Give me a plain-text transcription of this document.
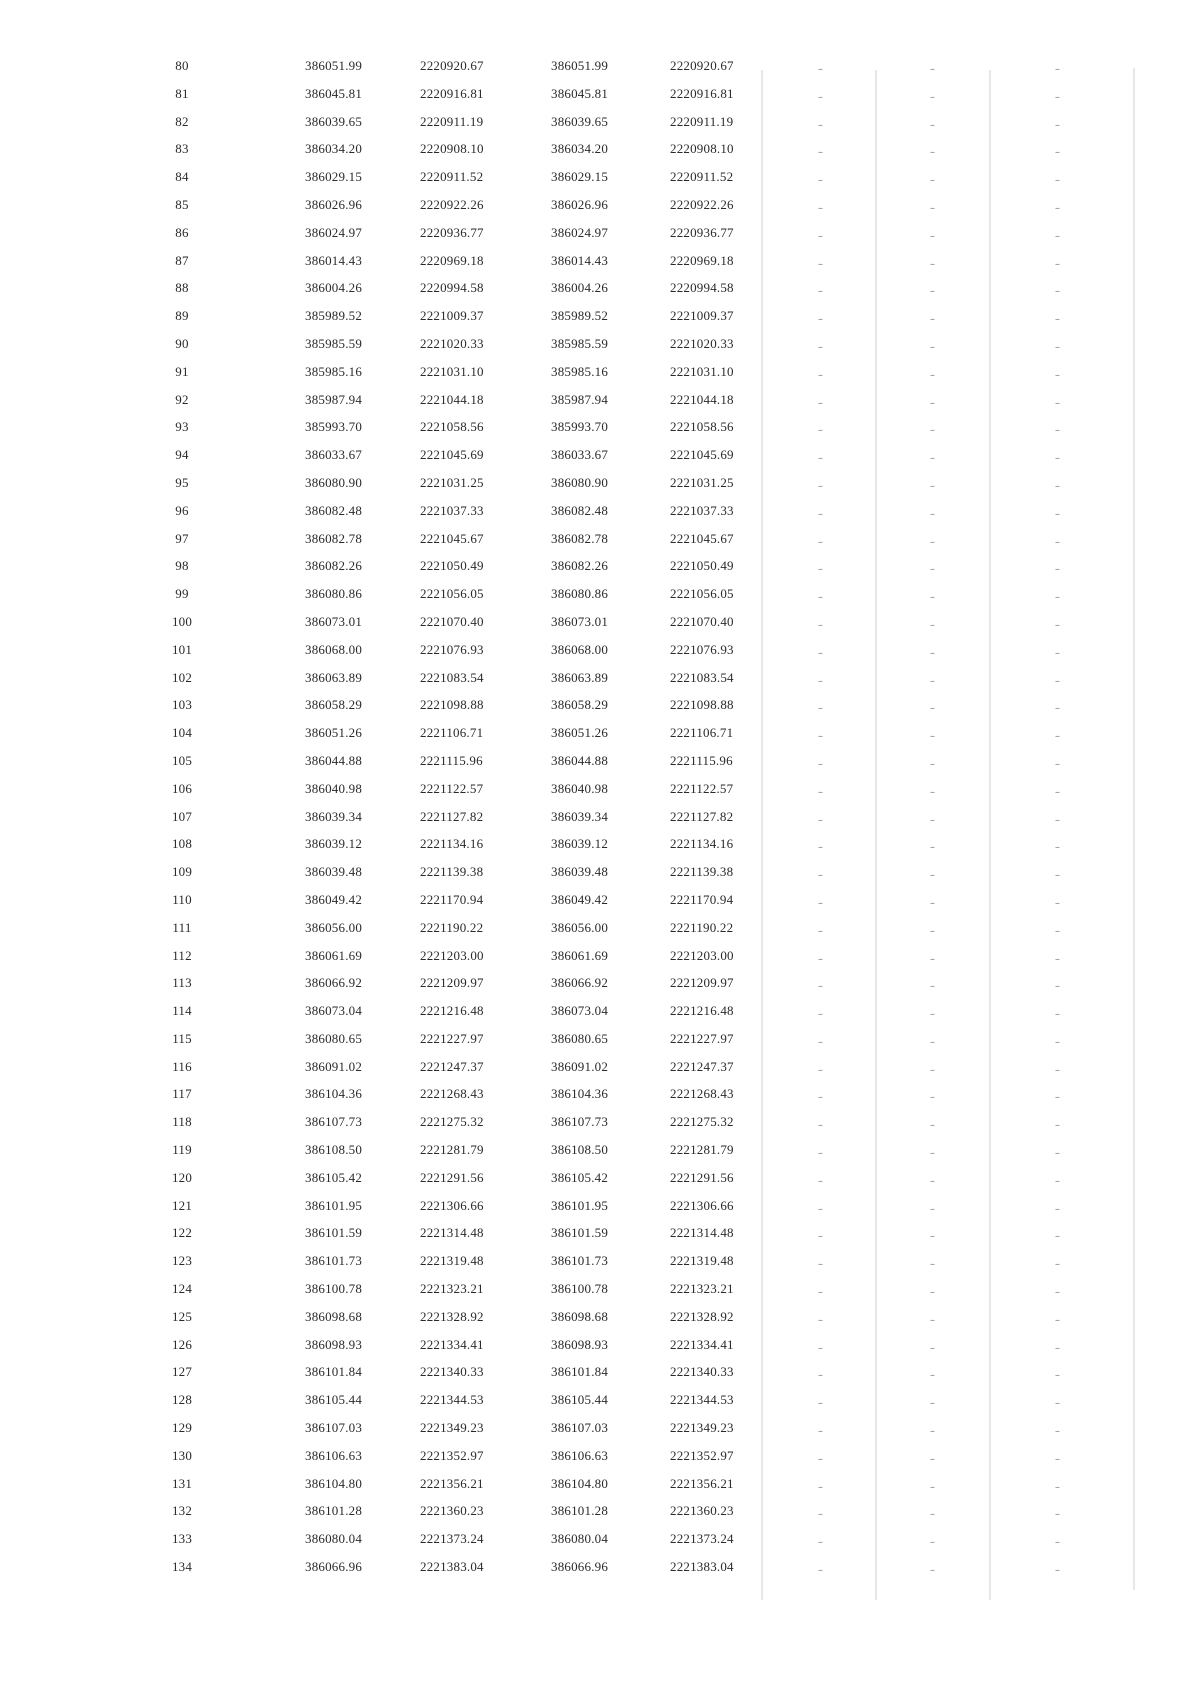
80	386051.99	2220920.67	386051.99	2220920.67	–	–	–
81	386045.81	2220916.81	386045.81	2220916.81	–	–	–
82	386039.65	2220911.19	386039.65	2220911.19	–	–	–
83	386034.20	2220908.10	386034.20	2220908.10	–	–	–
84	386029.15	2220911.52	386029.15	2220911.52	–	–	–
85	386026.96	2220922.26	386026.96	2220922.26	–	–	–
86	386024.97	2220936.77	386024.97	2220936.77	–	–	–
87	386014.43	2220969.18	386014.43	2220969.18	–	–	–
88	386004.26	2220994.58	386004.26	2220994.58	–	–	–
89	385989.52	2221009.37	385989.52	2221009.37	–	–	–
90	385985.59	2221020.33	385985.59	2221020.33	–	–	–
91	385985.16	2221031.10	385985.16	2221031.10	–	–	–
92	385987.94	2221044.18	385987.94	2221044.18	–	–	–
93	385993.70	2221058.56	385993.70	2221058.56	–	–	–
94	386033.67	2221045.69	386033.67	2221045.69	–	–	–
95	386080.90	2221031.25	386080.90	2221031.25	–	–	–
96	386082.48	2221037.33	386082.48	2221037.33	–	–	–
97	386082.78	2221045.67	386082.78	2221045.67	–	–	–
98	386082.26	2221050.49	386082.26	2221050.49	–	–	–
99	386080.86	2221056.05	386080.86	2221056.05	–	–	–
100	386073.01	2221070.40	386073.01	2221070.40	–	–	–
101	386068.00	2221076.93	386068.00	2221076.93	–	–	–
102	386063.89	2221083.54	386063.89	2221083.54	–	–	–
103	386058.29	2221098.88	386058.29	2221098.88	–	–	–
104	386051.26	2221106.71	386051.26	2221106.71	–	–	–
105	386044.88	2221115.96	386044.88	2221115.96	–	–	–
106	386040.98	2221122.57	386040.98	2221122.57	–	–	–
107	386039.34	2221127.82	386039.34	2221127.82	–	–	–
108	386039.12	2221134.16	386039.12	2221134.16	–	–	–
109	386039.48	2221139.38	386039.48	2221139.38	–	–	–
110	386049.42	2221170.94	386049.42	2221170.94	–	–	–
111	386056.00	2221190.22	386056.00	2221190.22	–	–	–
112	386061.69	2221203.00	386061.69	2221203.00	–	–	–
113	386066.92	2221209.97	386066.92	2221209.97	–	–	–
114	386073.04	2221216.48	386073.04	2221216.48	–	–	–
115	386080.65	2221227.97	386080.65	2221227.97	–	–	–
116	386091.02	2221247.37	386091.02	2221247.37	–	–	–
117	386104.36	2221268.43	386104.36	2221268.43	–	–	–
118	386107.73	2221275.32	386107.73	2221275.32	–	–	–
119	386108.50	2221281.79	386108.50	2221281.79	–	–	–
120	386105.42	2221291.56	386105.42	2221291.56	–	–	–
121	386101.95	2221306.66	386101.95	2221306.66	–	–	–
122	386101.59	2221314.48	386101.59	2221314.48	–	–	–
123	386101.73	2221319.48	386101.73	2221319.48	–	–	–
124	386100.78	2221323.21	386100.78	2221323.21	–	–	–
125	386098.68	2221328.92	386098.68	2221328.92	–	–	–
126	386098.93	2221334.41	386098.93	2221334.41	–	–	–
127	386101.84	2221340.33	386101.84	2221340.33	–	–	–
128	386105.44	2221344.53	386105.44	2221344.53	–	–	–
129	386107.03	2221349.23	386107.03	2221349.23	–	–	–
130	386106.63	2221352.97	386106.63	2221352.97	–	–	–
131	386104.80	2221356.21	386104.80	2221356.21	–	–	–
132	386101.28	2221360.23	386101.28	2221360.23	–	–	–
133	386080.04	2221373.24	386080.04	2221373.24	–	–	–
134	386066.96	2221383.04	386066.96	2221383.04	–	–	–
